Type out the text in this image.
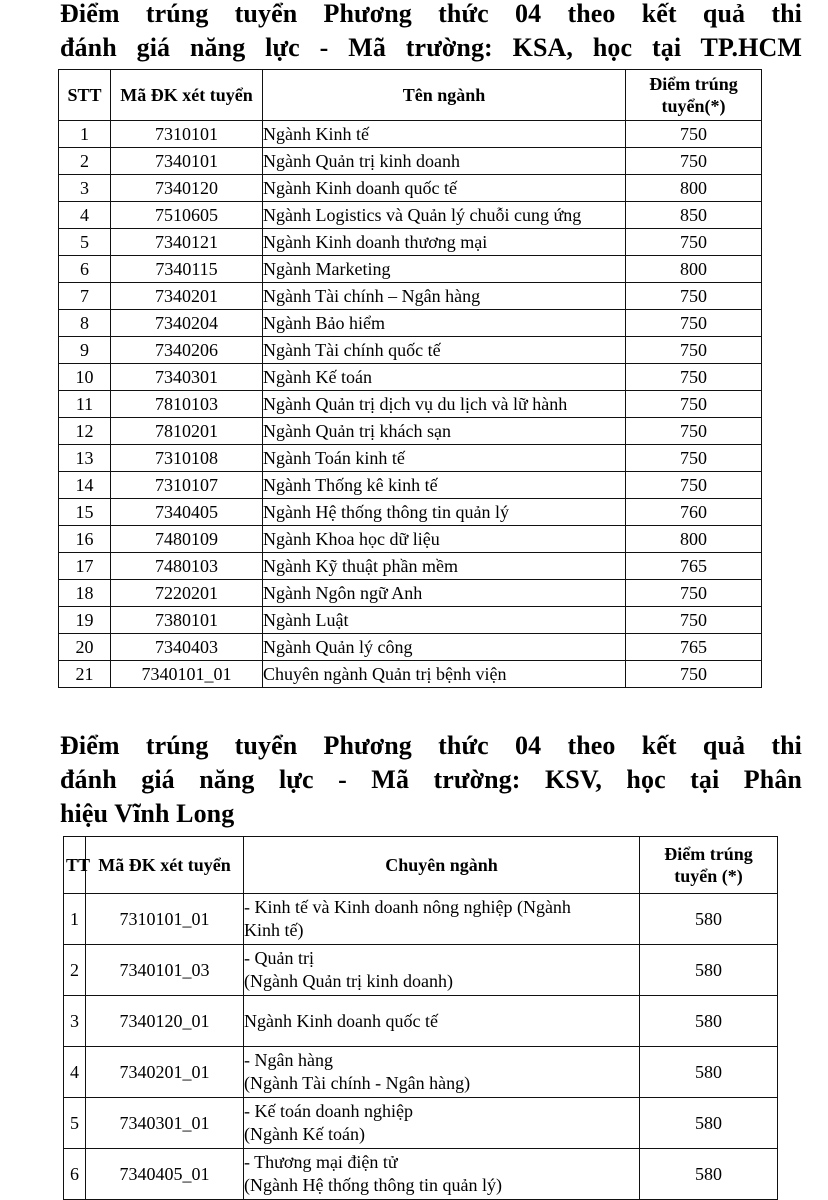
Điểm trúng tuyển Phương thức 04 theo kết quả thi
đánh giá năng lực - Mã trường: KSA, học tại TP.HCM
STT	Mã ĐK xét tuyển	Tên ngành	Điểm trúng tuyển(*)
1	7310101	Ngành Kinh tế	750
2	7340101	Ngành Quản trị kinh doanh	750
3	7340120	Ngành Kinh doanh quốc tế	800
4	7510605	Ngành Logistics và Quản lý chuỗi cung ứng	850
5	7340121	Ngành Kinh doanh thương mại	750
6	7340115	Ngành Marketing	800
7	7340201	Ngành Tài chính – Ngân hàng	750
8	7340204	Ngành Bảo hiểm	750
9	7340206	Ngành Tài chính quốc tế	750
10	7340301	Ngành Kế toán	750
11	7810103	Ngành Quản trị dịch vụ du lịch và lữ hành	750
12	7810201	Ngành Quản trị khách sạn	750
13	7310108	Ngành Toán kinh tế	750
14	7310107	Ngành Thống kê kinh tế	750
15	7340405	Ngành Hệ thống thông tin quản lý	760
16	7480109	Ngành Khoa học dữ liệu	800
17	7480103	Ngành Kỹ thuật phần mềm	765
18	7220201	Ngành Ngôn ngữ Anh	750
19	7380101	Ngành Luật	750
20	7340403	Ngành Quản lý công	765
21	7340101_01	Chuyên ngành Quản trị bệnh viện	750
Điểm trúng tuyển Phương thức 04 theo kết quả thi
đánh giá năng lực - Mã trường: KSV, học tại Phân
hiệu Vĩnh Long
TT	Mã ĐK xét tuyển	Chuyên ngành	Điểm trúng tuyển (*)
1	7310101_01	- Kinh tế và Kinh doanh nông nghiệp (Ngành
Kinh tế)	580
2	7340101_03	- Quản trị
(Ngành Quản trị kinh doanh)	580
3	7340120_01	Ngành Kinh doanh quốc tế	580
4	7340201_01	- Ngân hàng
(Ngành Tài chính - Ngân hàng)	580
5	7340301_01	- Kế toán doanh nghiệp
(Ngành Kế toán)	580
6	7340405_01	- Thương mại điện tử
(Ngành Hệ thống thông tin quản lý)	580
